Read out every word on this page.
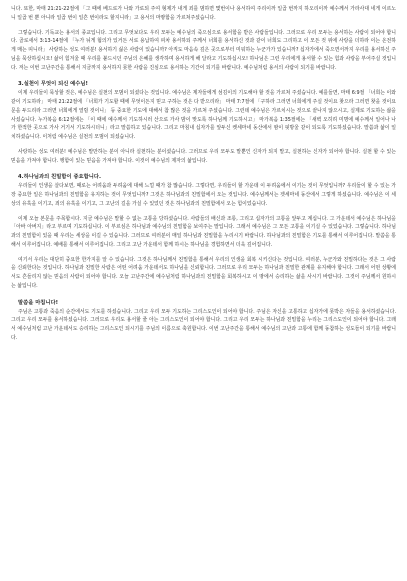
니다. 또한, 마태 21:21-22절에 「그 때에 베드로가 나와 가로되 주여 형제가 내게 죄를 범하면 몇번이나 용서하여 주리이까 일곱 번까지 하오리이까 예수께서 가라사대 네게 이르노니 일곱 번 뿐 아니라 일곱 번이 일흔 번이라도 할지니라」고 용서의 마땅함을 가르쳐주셨습니다.

그렇습니다. 기독교는 용서의 종교입니다. 그리고 무엇보다도 우리 모두는 예수님의 죽으심으로 용서함을 받은 사람들입니다. 그러므로 우리 모두는 용서하는 사람이 되어야 합니다. 골로새서 3:13-14절에 「누가 뉘게 혐의가 있거든 서로 용납하여 피차 용서하되 주께서 너희를 용서하신 것과 같이 너희도 그리하고 이 모든 것 위에 사랑을 더하라 이는 온전하게 매는 띠니라」 사랑하는 성도 여러분! 용서하기 싫은 사람이 있습니까? 아직도 마음속 깊은 곳으로부터 미워하는 누군가가 있습니까? 십자가에서 죽으면서까지 우리를 용서하신 주님을 묵상하십시오! 삶이 힘겨울 때 우리를 붙드시던 주님의 은혜를 생각하며 용서하게 해 달라고 기도하십시오! 하나님은 그런 우리에게 용서할 수 있는 힘과 사랑을 부어주실 것입니다. 저는 이번 고난주간을 통해서 지금까지 용서하지 못한 사람을 진심으로 용서하는 기간이 되기를 바랍니다. 예수님처럼 용서의 사람이 되기를 바랍니다.

3.실천이 무엇이 되신 예수님!

이제 우리들이 묵상할 것은, 예수님은 실천의 모범이 되셨다는 것입니다. 예수님은 제자들에게 섬김이의 기도해야 할 것을 가르쳐 주셨습니다. 예를들면, 마태 6:9절 「너희는 이와같이 기도하라」 마태 21:22절에 「너희가 기도할 때에 무엇이든지 믿고 구하는 것은 다 받으리라」 마태 7:7절에 「구하라 그러면 너희에게 주실 것이요 찾으라 그러면 찾을 것이요 문을 두드리라 그러면 너희에게 열릴 것이니」 등 중요한 기도에 대해서 참 많은 것을 가르쳐 주셨습니다. 그런데 예수님은 가르치시는 것으로 끝나지 않으시고, 실제로 기도하는 삶을 사셨습니다. 누가복음 6:12절에는 「이 때에 예수께서 기도하시러 산으로 가사 밤이 맞도록 하나님께 기도하시고」 마가복음 1:35절에는 「새벽 오히려 미명에 예수께서 일어나 나가 한적한 곳으로 가사 거기서 기도하시더니」라고 말씀하고 있습니다. 그리고 마침내 십자가를 앞두신 켓세마네 동산에서 땀이 핏방울 같이 되도록 기도하셨습니다. 말씀과 삶이 일치하셨습니다. 이처럼 예수님은 실천의 모범이 되셨습니다.

사랑하는 성도 여러분! 예수님은 말만하는 분이 아니라 실천하는 분이셨습니다. 그러므로 우리 모두도 말뿐인 신자가 되지 말고, 실천하는 신자가 되어야 합니다. 실천 할 수 있는 믿음을 가져야 합니다. 행함이 있는 믿음을 가져야 합니다. 이것이 예수님의 제자의 삶입니다.

4.하나님과의 친밀함이 중요합니다.

우리들이 인생을 살다보면, 때로는 어려움과 두려움에 대해 느낄 때가 참 많습니다. 그렇다면, 우리들이 할 가운데 이 두려움에서 이기는 것이 무엇입니까? 우리들이 할 수 있는 가장 중요한 일은 하나님과의 친밀함을 유지하는 것이 무엇입니까? 그것은 하나님과의 친밀함에서 오는 것입니다. 예수님께서는 겟세마네 동산에서 그렇게 하셨습니다. 예수님은 이 세상의 유혹을 이기고, 죄의 유혹을 이기고, 그 고난의 길을 가실 수 있었던 것은 하나님과의 친밀함에서 오는 힘이었습니다.

이제 오늘 본문을 주목합시다. 지금 예수님은 말할 수 없는 고통을 당하셨습니다. 사람들의 배신과 조롱, 그리고 십자가의 고통을 앞두고 계십니다. 그 가운데서 예수님은 하나님을 「아바 아버지」라고 부르며 기도하십니다. 이 부르심은 하나님과 예수님의 친밀함을 보여주는 말입니다. 그래서 예수님은 그 모든 고통을 이기실 수 있었습니다. 그렇습니다. 하나님과의 친밀함이 있을 때 우리는 세상을 이길 수 있습니다. 그러므로 여러분이 매일 하나님과 친밀함을 누리시기 바랍니다. 하나님과의 친밀함은 기도를 통해서 이루어집니다. 말씀을 통해서 이루어집니다. 예배를 통해서 이루어집니다. 그리고 고난 가운데서 함께 하시는 하나님을 경험하면서 더욱 깊어집니다.

여기서 우리는 대단히 중요한 한가지를 알 수 있습니다. 그것은 하나님께서 친밀함을 통해서 우리의 인생을 회복 시키신다는 것입니다. 여러분, 누군가와 친밀하다는 것은 그 사람을 신뢰한다는 것입니다. 하나님과 친밀한 사람은 어떤 어려움 가운데서도 하나님을 신뢰합니다. 그러므로 우리 모두는 하나님과 친밀한 관계를 유지해야 합니다. 그래서 어떤 상황에서도 흔들리지 않는 믿음의 사람이 되어야 합니다. 오늘 고난주간에 예수님처럼 하나님과의 친밀함을 회복하시고 이 땅에서 승리하는 삶을 사시기 바랍니다. 그것이 주님께서 원하시는 삶입니다.

말씀을 마칩니다!

주님은 고통과 죽음의 순간에서도 기도를 하셨습니다. 그리고 우리 모두 기도하는 그리스도인이 되어야 합니다. 주님은 자신을 고통하고 십자가에 못박은 자들을 용서하셨습니다. 그리고 우리 모두를 용서하셨습니다. 그러므로 우리도 용서할 줄 아는 그리스도인이 되어야 합니다. 그리고 우리 모두는 하나님과 친밀함을 누리는 그리스도인이 되어야 합니다. 그래서 예수님처럼 고난 가운데서도 승리하는 그리스도인 되시기를 주님의 이름으로 축원합니다. 이번 고난주간을 통해서 예수님의 고난과 고통에 함께 동참하는 성도들이 되기를 바랍니다.
